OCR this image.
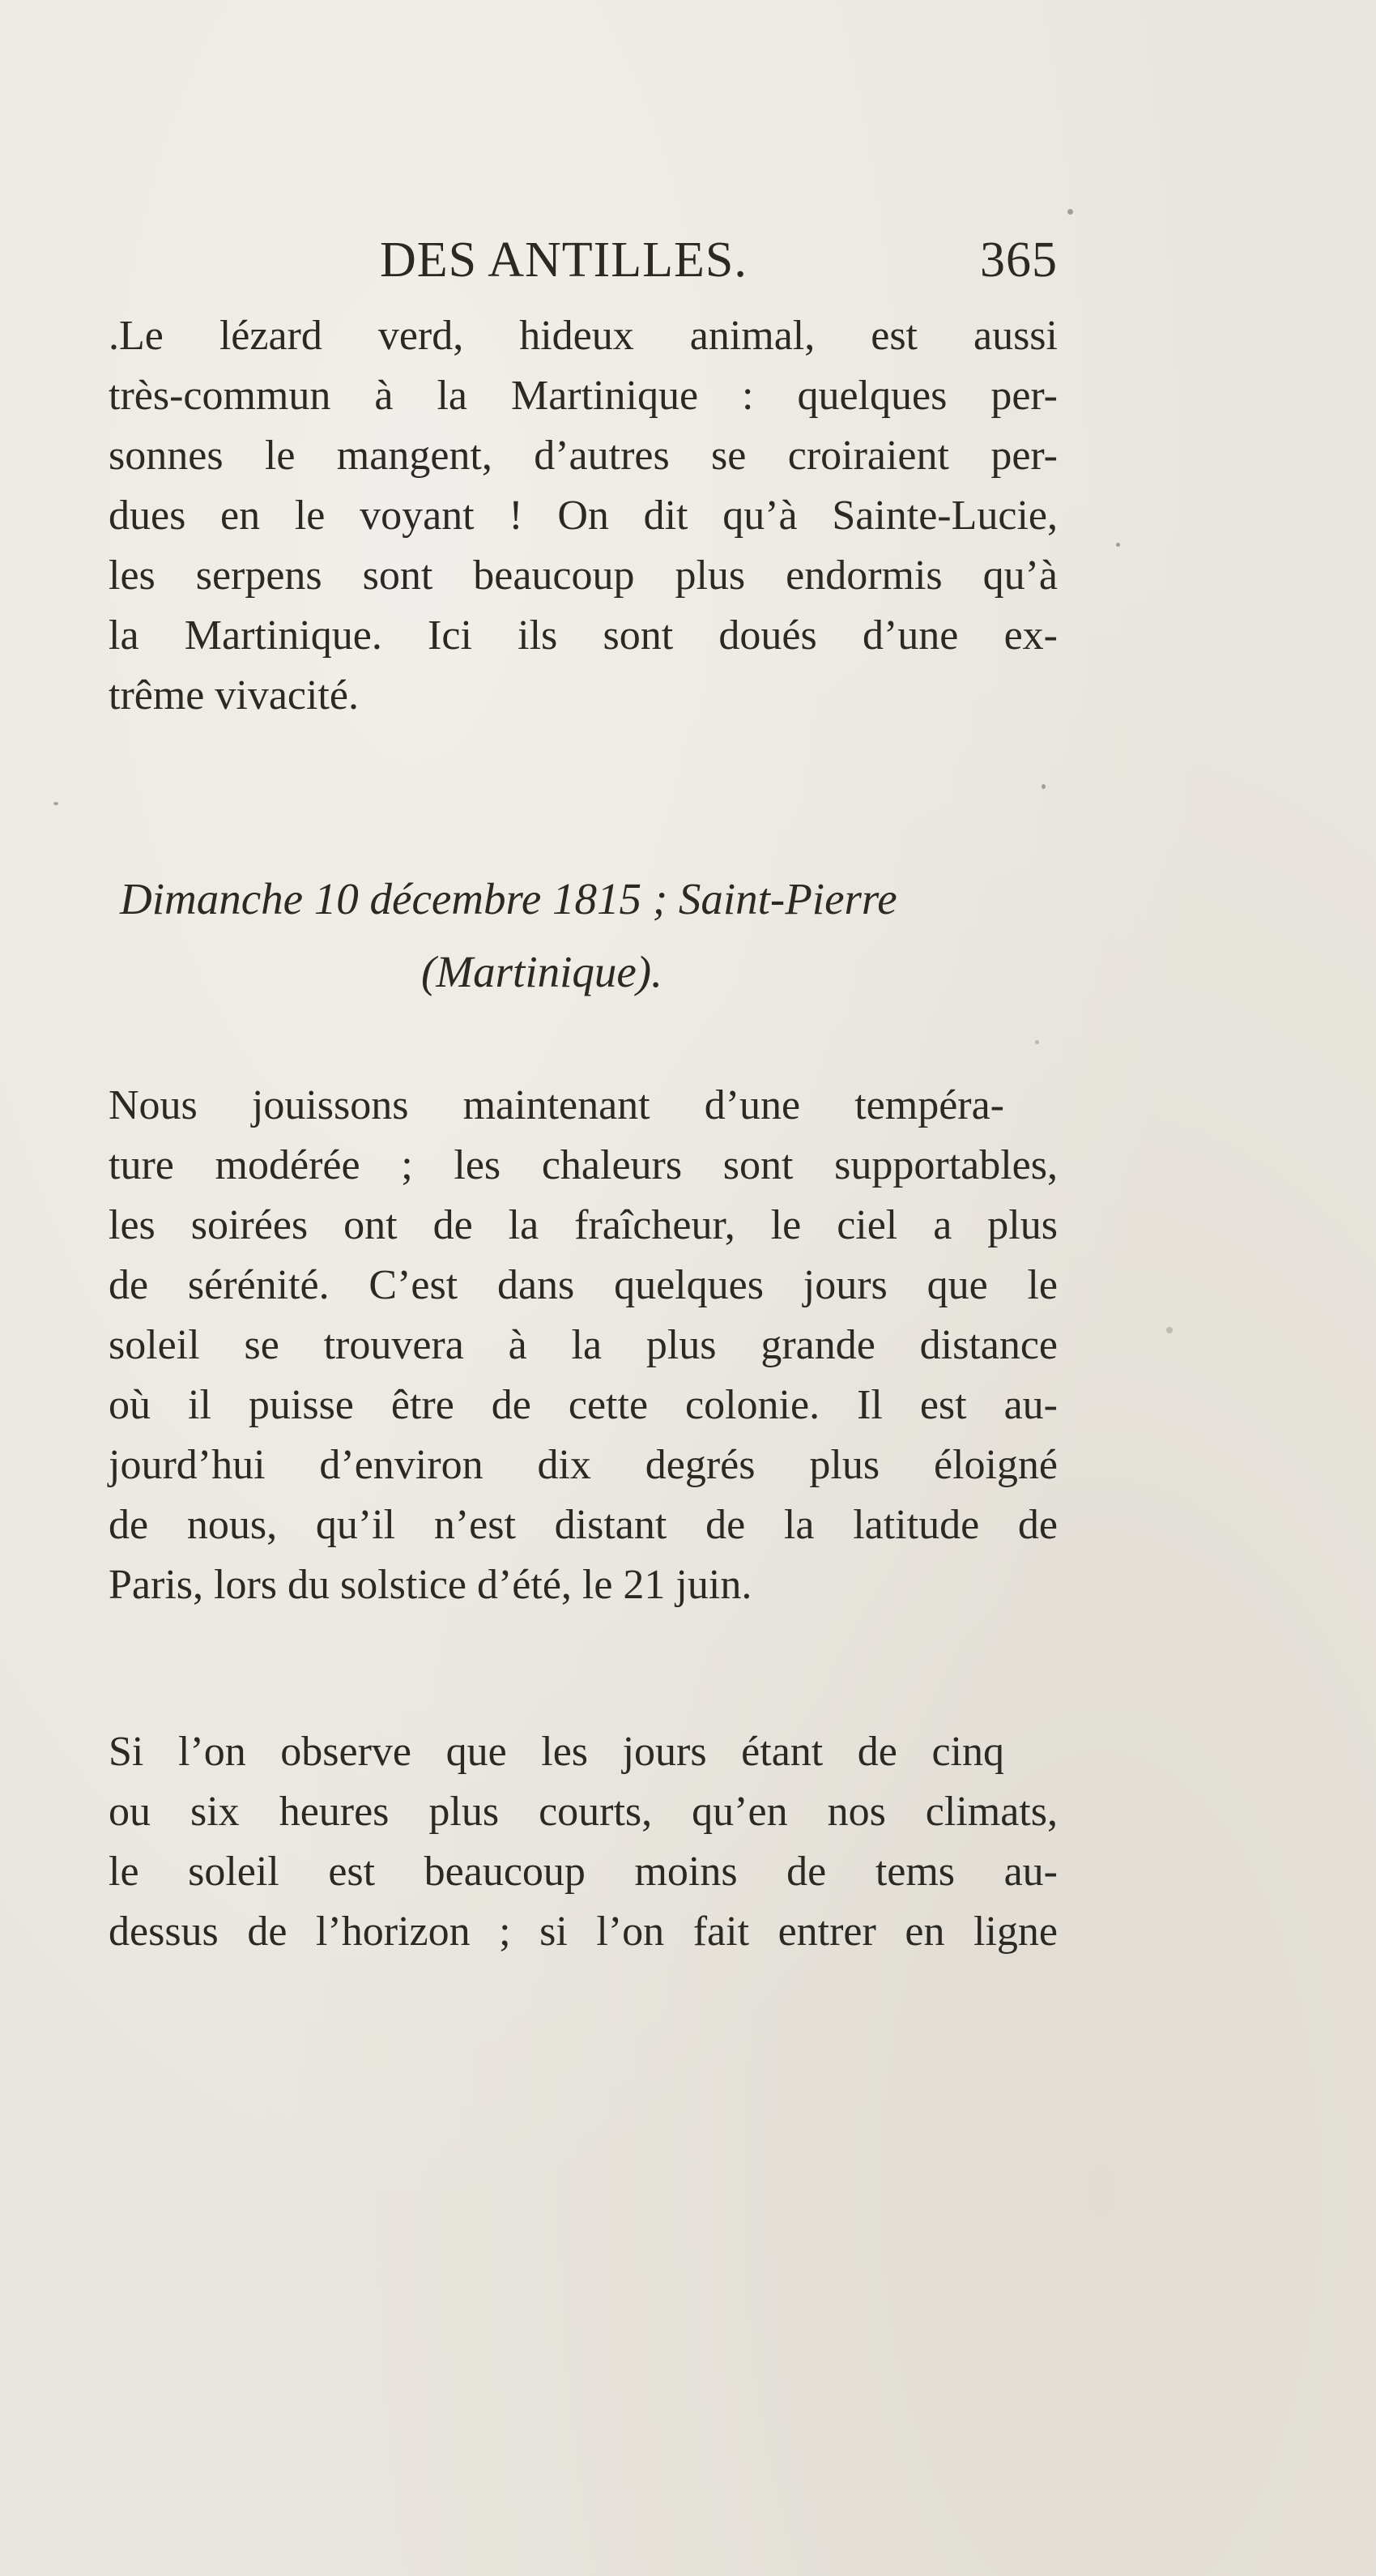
DES ANTILLES.	365
.Le lézard verd, hideux animal, est aussi
très-commun à la Martinique : quelques per-
sonnes le mangent, d’autres se croiraient per-
dues en le voyant ! On dit qu’à Sainte-Lucie,
les serpens sont beaucoup plus endormis qu’à
la Martinique. Ici ils sont doués d’une ex-
trême vivacité.
Dimanche 10 décembre 1815 ; Saint-Pierre
(Martinique).
Nous jouissons maintenant d’une tempéra-
ture modérée ; les chaleurs sont supportables,
les soirées ont de la fraîcheur, le ciel a plus
de sérénité. C’est dans quelques jours que le
soleil se trouvera à la plus grande distance
où il puisse être de cette colonie. Il est au-
jourd’hui d’environ dix degrés plus éloigné
de nous, qu’il n’est distant de la latitude de
Paris, lors du solstice d’été, le 21 juin.
Si l’on observe que les jours étant de cinq
ou six heures plus courts, qu’en nos climats,
le soleil est beaucoup moins de tems au-
dessus de l’horizon ; si l’on fait entrer en ligne
